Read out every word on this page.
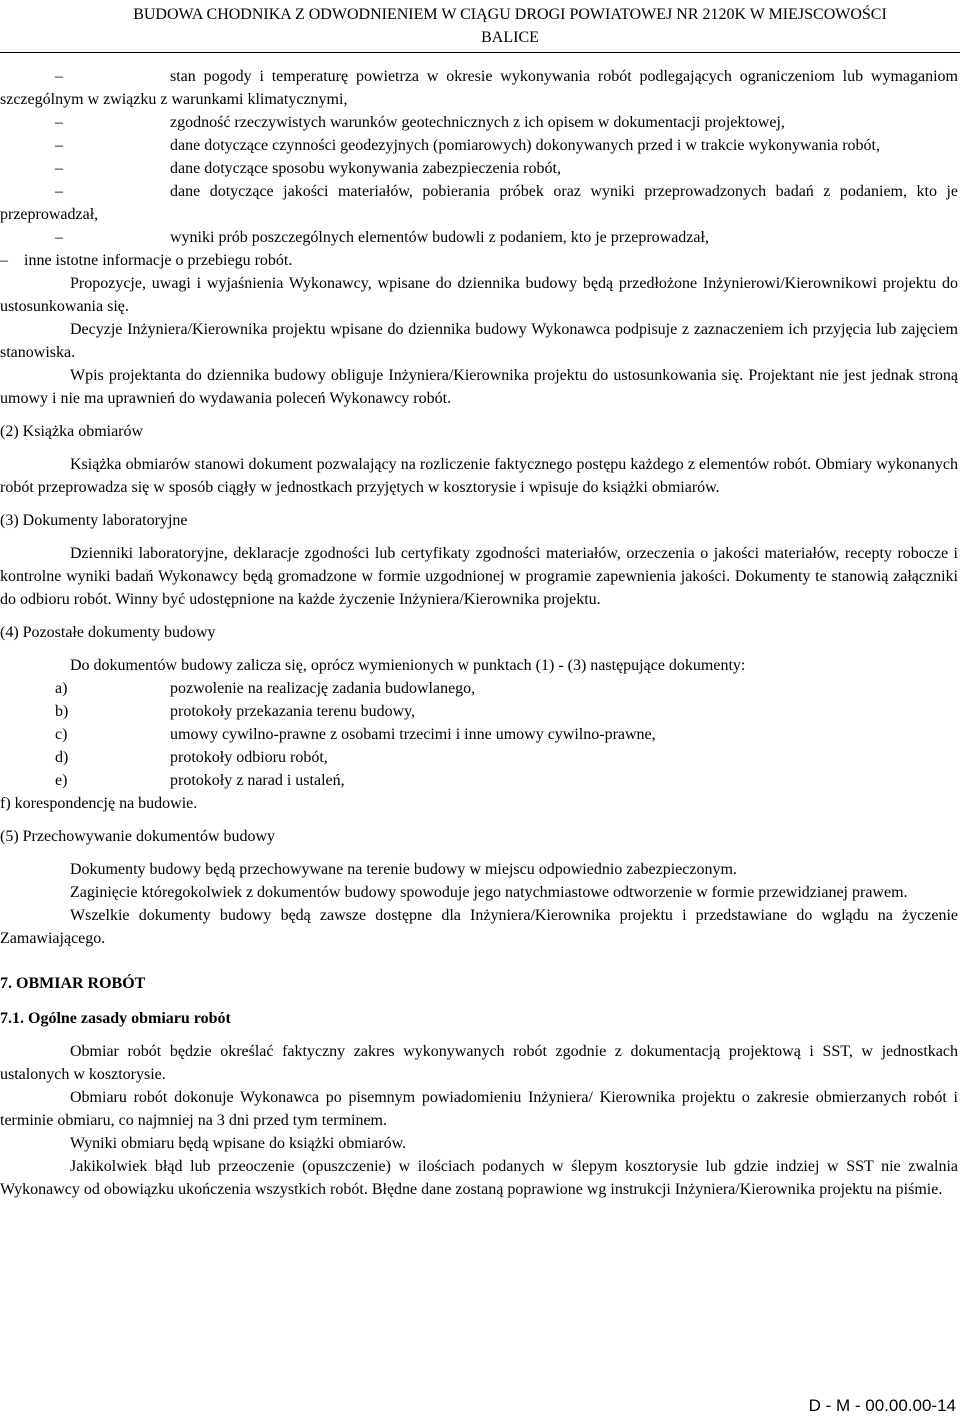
BUDOWA CHODNIKA Z ODWODNIENIEM W CIĄGU DROGI POWIATOWEJ NR 2120K W MIEJSCOWOŚCI
BALICE

–	stan pogody i temperaturę powietrza w okresie wykonywania robót podlegających ograniczeniom lub wymaganiom szczególnym w związku z warunkami klimatycznymi,

–	zgodność rzeczywistych warunków geotechnicznych z ich opisem w dokumentacji projektowej,

–	dane dotyczące czynności geodezyjnych (pomiarowych) dokonywanych przed i w trakcie wykonywania robót,

–	dane dotyczące sposobu wykonywania zabezpieczenia robót,

–	dane dotyczące jakości materiałów, pobierania próbek oraz wyniki przeprowadzonych badań z podaniem, kto je przeprowadzał,

–	wyniki prób poszczególnych elementów budowli z podaniem, kto je przeprowadzał,

– inne istotne informacje o przebiegu robót.

Propozycje, uwagi i wyjaśnienia Wykonawcy, wpisane do dziennika budowy będą przedłożone Inżynierowi/Kierownikowi projektu do ustosunkowania się.

Decyzje Inżyniera/Kierownika projektu wpisane do dziennika budowy Wykonawca podpisuje z zaznaczeniem ich przyjęcia lub zajęciem stanowiska.

Wpis projektanta do dziennika budowy obliguje Inżyniera/Kierownika projektu do ustosunkowania się. Projektant nie jest jednak stroną umowy i nie ma uprawnień do wydawania poleceń Wykonawcy robót.

(2) Książka obmiarów

Książka obmiarów stanowi dokument pozwalający na rozliczenie faktycznego postępu każdego z elementów robót. Obmiary wykonanych robót przeprowadza się w sposób ciągły w jednostkach przyjętych w kosztorysie i wpisuje do książki obmiarów.

(3) Dokumenty laboratoryjne

Dzienniki laboratoryjne, deklaracje zgodności lub certyfikaty zgodności materiałów, orzeczenia o jakości materiałów, recepty robocze i kontrolne wyniki badań Wykonawcy będą gromadzone w formie uzgodnionej w programie zapewnienia jakości. Dokumenty te stanowią załączniki do odbioru robót. Winny być udostępnione na każde życzenie Inżyniera/Kierownika projektu.

(4) Pozostałe dokumenty budowy

Do dokumentów budowy zalicza się, oprócz wymienionych w punktach (1) - (3) następujące dokumenty:

a)	pozwolenie na realizację zadania budowlanego,
b)	protokoły przekazania terenu budowy,
c)	umowy cywilno-prawne z osobami trzecimi i inne umowy cywilno-prawne,
d)	protokoły odbioru robót,
e)	protokoły z narad i ustaleń,

f) korespondencję na budowie.

(5) Przechowywanie dokumentów budowy

Dokumenty budowy będą przechowywane na terenie budowy w miejscu odpowiednio zabezpieczonym.

Zaginięcie któregokolwiek z dokumentów budowy spowoduje jego natychmiastowe odtworzenie w formie przewidzianej prawem.

Wszelkie dokumenty budowy będą zawsze dostępne dla Inżyniera/Kierownika projektu i przedstawiane do wglądu na życzenie Zamawiającego.

7. OBMIAR ROBÓT

7.1. Ogólne zasady obmiaru robót

Obmiar robót będzie określać faktyczny zakres wykonywanych robót zgodnie z dokumentacją projektową i SST, w jednostkach ustalonych w kosztorysie.

Obmiaru robót dokonuje Wykonawca po pisemnym powiadomieniu Inżyniera/ Kierownika projektu o zakresie obmierzanych robót i terminie obmiaru, co najmniej na 3 dni przed tym terminem.

Wyniki obmiaru będą wpisane do książki obmiarów.

Jakikolwiek błąd lub przeoczenie (opuszczenie) w ilościach podanych w ślepym kosztorysie lub gdzie indziej w SST nie zwalnia Wykonawcy od obowiązku ukończenia wszystkich robót. Błędne dane zostaną poprawione wg instrukcji Inżyniera/Kierownika projektu na piśmie.

D - M - 00.00.00-14
